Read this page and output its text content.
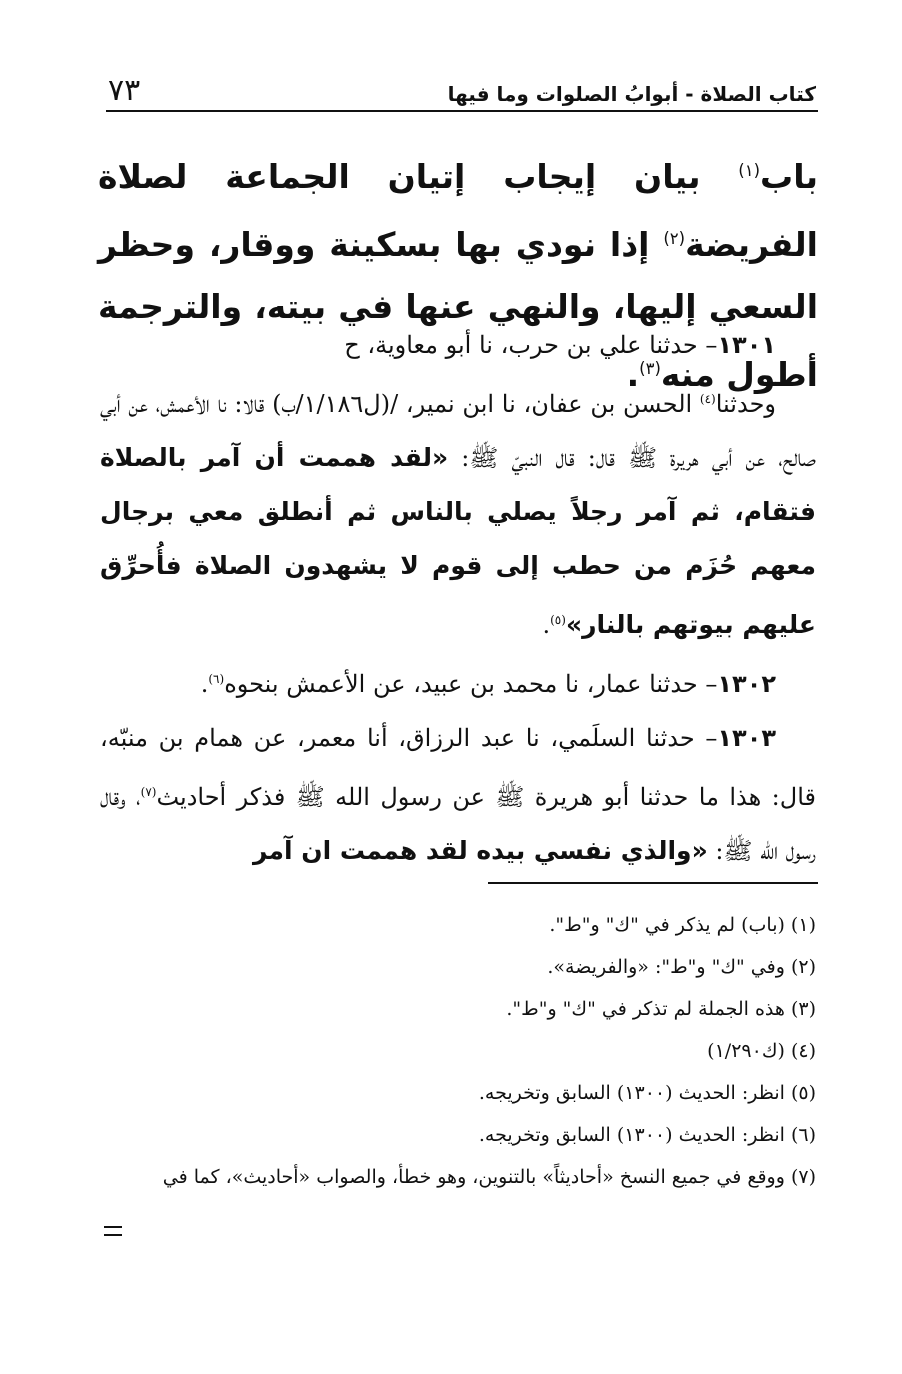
كتاب الصلاة - أبوابُ الصلوات وما فيها
٧٣
باب$^{(١)}$ بيان إيجاب إتيان الجماعة لصلاة الفريضة$^{(٢)}$ إذا نودي بها بسكينة ووقار، وحظر السعي إليها، والنهي عنها في بيته، والترجمة أطول منه$^{(٣)}$.

١٣٠١– حدثنا علي بن حرب، نا أبو معاوية، ح

وحدثنا$^{(٤)}$ الحسن بن عفان، نا ابن نمير، /(ل١/١٨٦/ب) قالا: نا الأعمش، عن أبي صالح، عن أبي هريرة ﷺ قال: قال النبيّ ﷺ: «لقد هممت أن آمر بالصلاة فتقام، ثم آمر رجلاً يصلي بالناس ثم أنطلق معي برجال معهم حُزَم من حطب إلى قوم لا يشهدون الصلاة فأُحرِّق عليهم بيوتهم بالنار»$^{(٥)}$.

١٣٠٢– حدثنا عمار، نا محمد بن عبيد، عن الأعمش بنحوه$^{(٦)}$.

١٣٠٣– حدثنا السلَمي، نا عبد الرزاق، أنا معمر، عن همام بن منبّه، قال: هذا ما حدثنا أبو هريرة ﷺ عن رسول الله ﷺ فذكر أحاديث$^{(٧)}$، وقال رسول الله ﷺ: «والذي نفسي بيده لقد هممت ان آمر

(١) (باب) لم يذكر في "ك" و"ط".
(٢) وفي "ك" و"ط": «والفريضة».
(٣) هذه الجملة لم تذكر في "ك" و"ط".
(٤) (ك١/٢٩٠)
(٥) انظر: الحديث (١٣٠٠) السابق وتخريجه.
(٦) انظر: الحديث (١٣٠٠) السابق وتخريجه.
(٧) ووقع في جميع النسخ «أحاديثاً» بالتنوين، وهو خطأ، والصواب «أحاديث»، كما في
